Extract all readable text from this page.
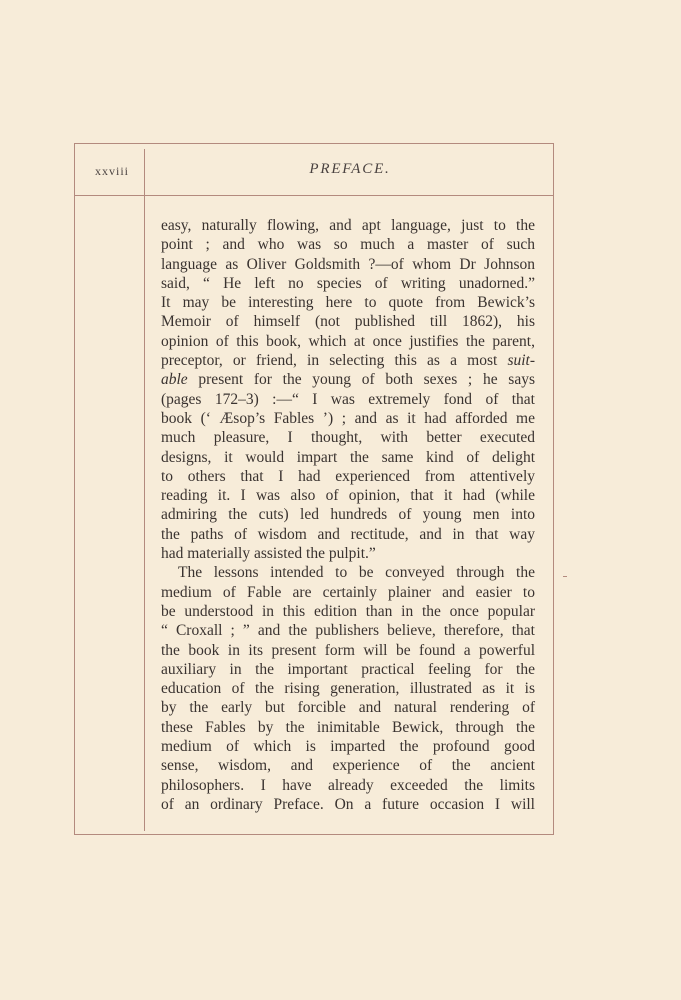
xxviii	PREFACE.
easy, naturally flowing, and apt language, just to the
point ; and who was so much a master of such
language as Oliver Goldsmith ?—of whom Dr Johnson
said, “ He left no species of writing unadorned.”
It may be interesting here to quote from Bewick’s
Memoir of himself (not published till 1862), his
opinion of this book, which at once justifies the parent,
preceptor, or friend, in selecting this as a most suit-
able present for the young of both sexes ; he says
(pages 172–3) :—“ I was extremely fond of that
book (‘ Æsop’s Fables ’) ; and as it had afforded me
much pleasure, I thought, with better executed
designs, it would impart the same kind of delight
to others that I had experienced from attentively
reading it. I was also of opinion, that it had (while
admiring the cuts) led hundreds of young men into
the paths of wisdom and rectitude, and in that way
had materially assisted the pulpit.”
The lessons intended to be conveyed through the
medium of Fable are certainly plainer and easier to
be understood in this edition than in the once popular
“ Croxall ; ” and the publishers believe, therefore, that
the book in its present form will be found a powerful
auxiliary in the important practical feeling for the
education of the rising generation, illustrated as it is
by the early but forcible and natural rendering of
these Fables by the inimitable Bewick, through the
medium of which is imparted the profound good
sense, wisdom, and experience of the ancient
philosophers. I have already exceeded the limits
of an ordinary Preface. On a future occasion I will
